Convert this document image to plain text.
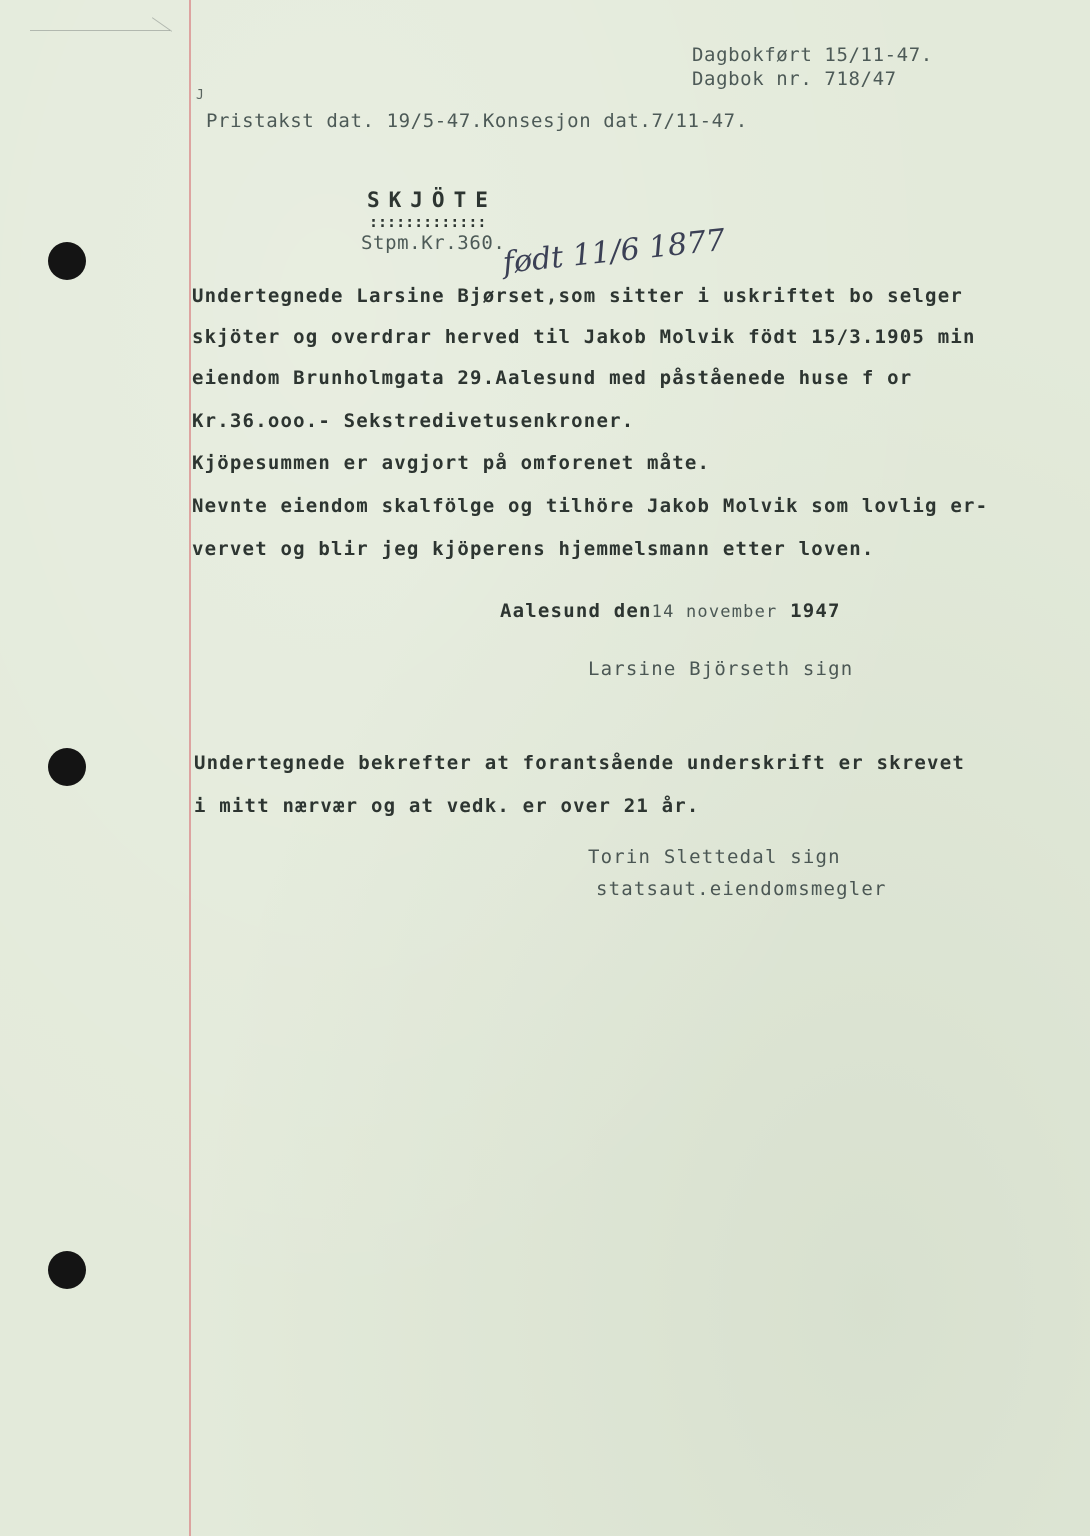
Dagbokført 15/11-47.
Dagbok nr. 718/47
J
Pristakst dat. 19/5-47.Konsesjon dat.7/11-47.
SKJÖTE
:::::::::::::
Stpm.Kr.360.
født 11/6 1877
Undertegnede Larsine Bjørset,som sitter i uskriftet bo selger
skjöter og overdrar herved til Jakob Molvik födt 15/3.1905 min
eiendom Brunholmgata 29.Aalesund med påståenede huse f or
Kr.36.ooo.- Sekstredivetusenkroner.
Kjöpesummen er avgjort på omforenet måte.
Nevnte eiendom skalfölge og tilhöre Jakob Molvik som lovlig er-
vervet og blir jeg kjöperens hjemmelsmann etter loven.
Aalesund den14 november 1947
Larsine Björseth sign
Undertegnede bekrefter at forantsående underskrift er skrevet
i mitt nærvær og at vedk. er over 21 år.
Torin Slettedal sign
statsaut.eiendomsmegler
